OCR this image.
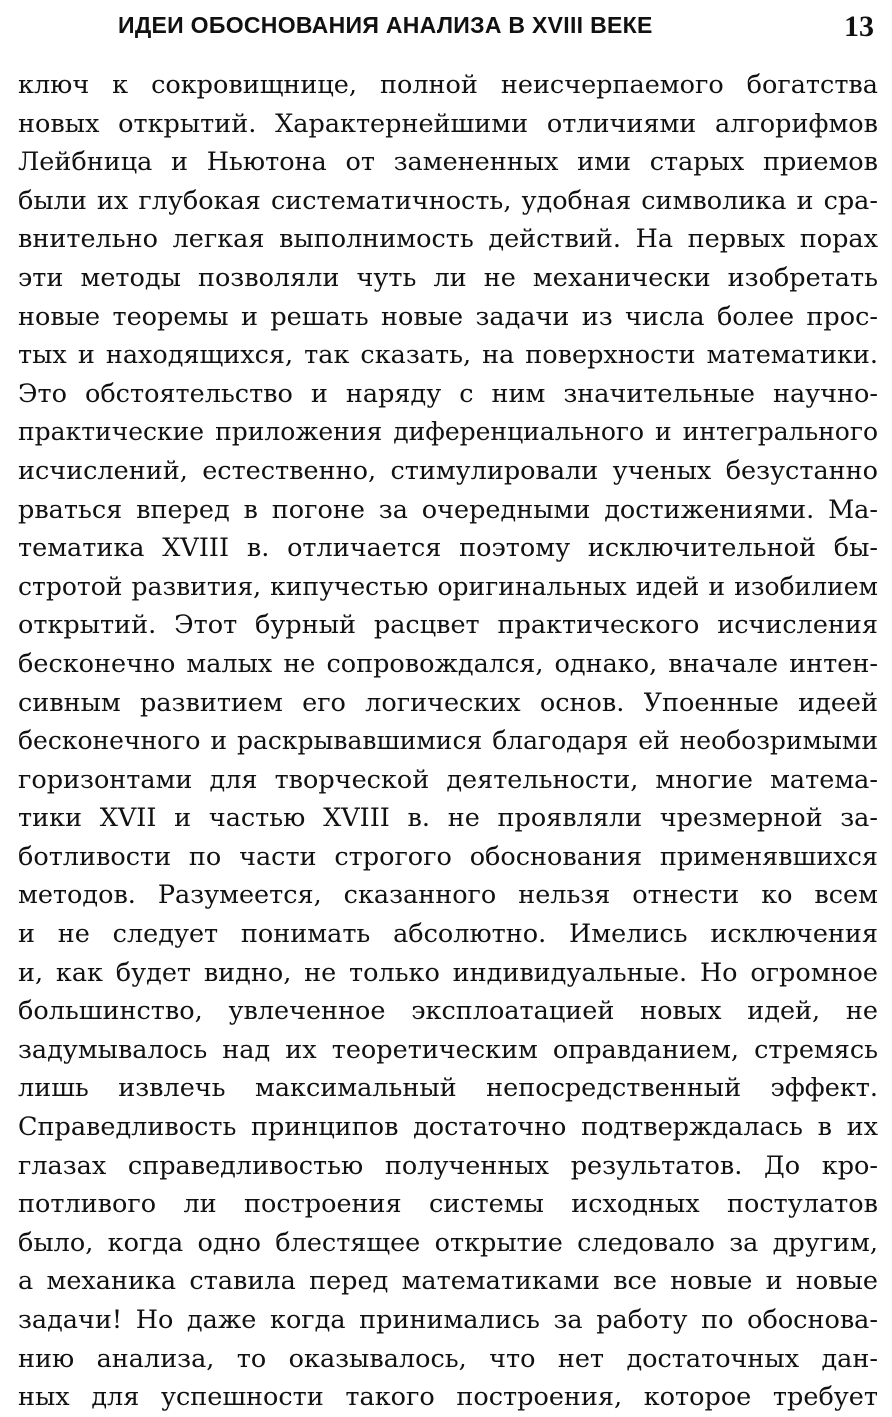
ИДЕИ ОБОСНОВАНИЯ АНАЛИЗА В XVIII ВЕКЕ	13
ключ к сокровищнице, полной неисчерпаемого богатства
новых открытий. Характернейшими отличиями алгорифмов
Лейбница и Ньютона от замененных ими старых приемов
были их глубокая систематичность, удобная символика и сра-
внительно легкая выполнимость действий. На первых порах
эти методы позволяли чуть ли не механически изобретать
новые теоремы и решать новые задачи из числа более прос-
тых и находящихся, так сказать, на поверхности математики.
Это обстоятельство и наряду с ним значительные научно-
практические приложения диференциального и интегрального
исчислений, естественно, стимулировали ученых безустанно
рваться вперед в погоне за очередными достижениями. Ма-
тематика XVIII в. отличается поэтому исключительной бы-
стротой развития, кипучестью оригинальных идей и изобилием
открытий. Этот бурный расцвет практического исчисления
бесконечно малых не сопровождался, однако, вначале интен-
сивным развитием его логических основ. Упоенные идеей
бесконечного и раскрывавшимися благодаря ей необозримыми
горизонтами для творческой деятельности, многие матема-
тики XVII и частью XVIII в. не проявляли чрезмерной за-
ботливости по части строгого обоснования применявшихся
методов. Разумеется, сказанного нельзя отнести ко всем
и не следует понимать абсолютно. Имелись исключения
и, как будет видно, не только индивидуальные. Но огромное
большинство, увлеченное эксплоатацией новых идей, не
задумывалось над их теоретическим оправданием, стремясь
лишь извлечь максимальный непосредственный эффект.
Справедливость принципов достаточно подтверждалась в их
глазах справедливостью полученных результатов. До кро-
потливого ли построения системы исходных постулатов
было, когда одно блестящее открытие следовало за другим,
а механика ставила перед математиками все новые и новые
задачи! Но даже когда принимались за работу по обоснова-
нию анализа, то оказывалось, что нет достаточных дан-
ных для успешности такого построения, которое требует
